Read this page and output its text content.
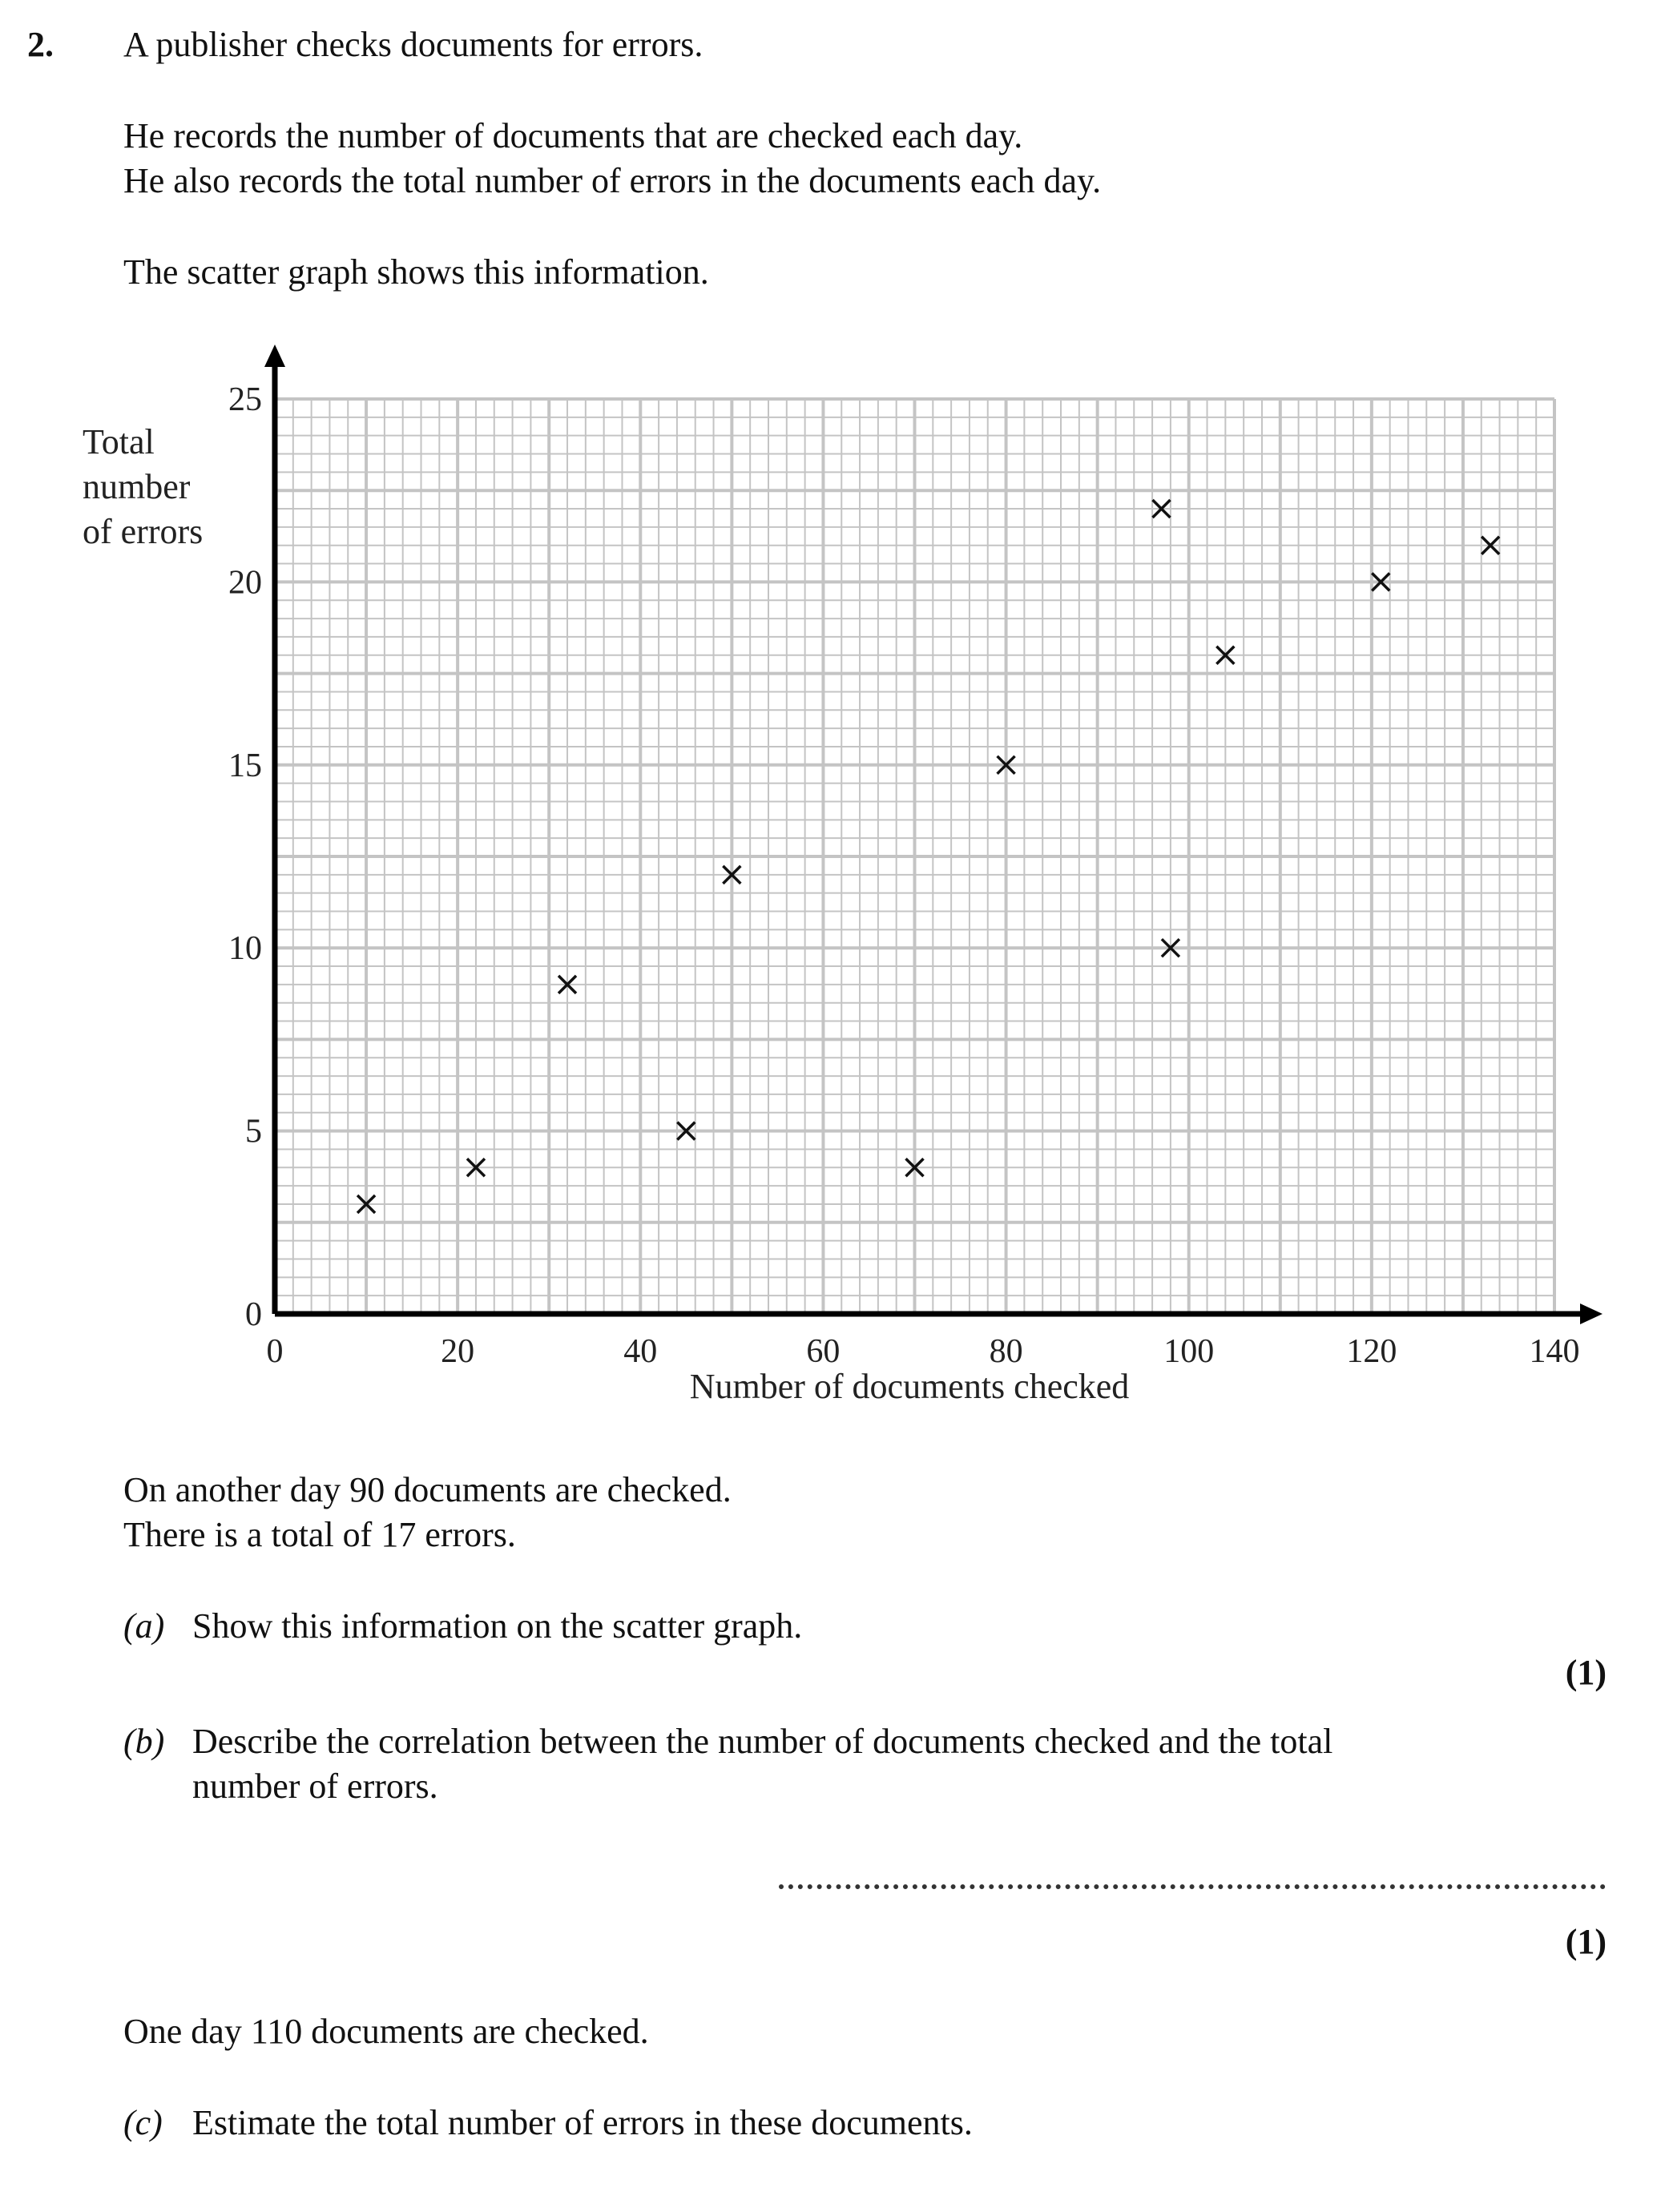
2. A publisher checks documents for errors.
He records the number of documents that are checked each day.
He also records the total number of errors in the documents each day.
The scatter graph shows this information.
0	20	40	60	80	100	120	140
0
5
10
15
20
25
Number of documents checked
Total
number
of errors
On another day 90 documents are checked.
There is a total of 17 errors.
(a) Show this information on the scatter graph.
(1)
(b) Describe the correlation between the number of documents checked and the total
number of errors.
(1)
One day 110 documents are checked.
(c) Estimate the total number of errors in these documents.
